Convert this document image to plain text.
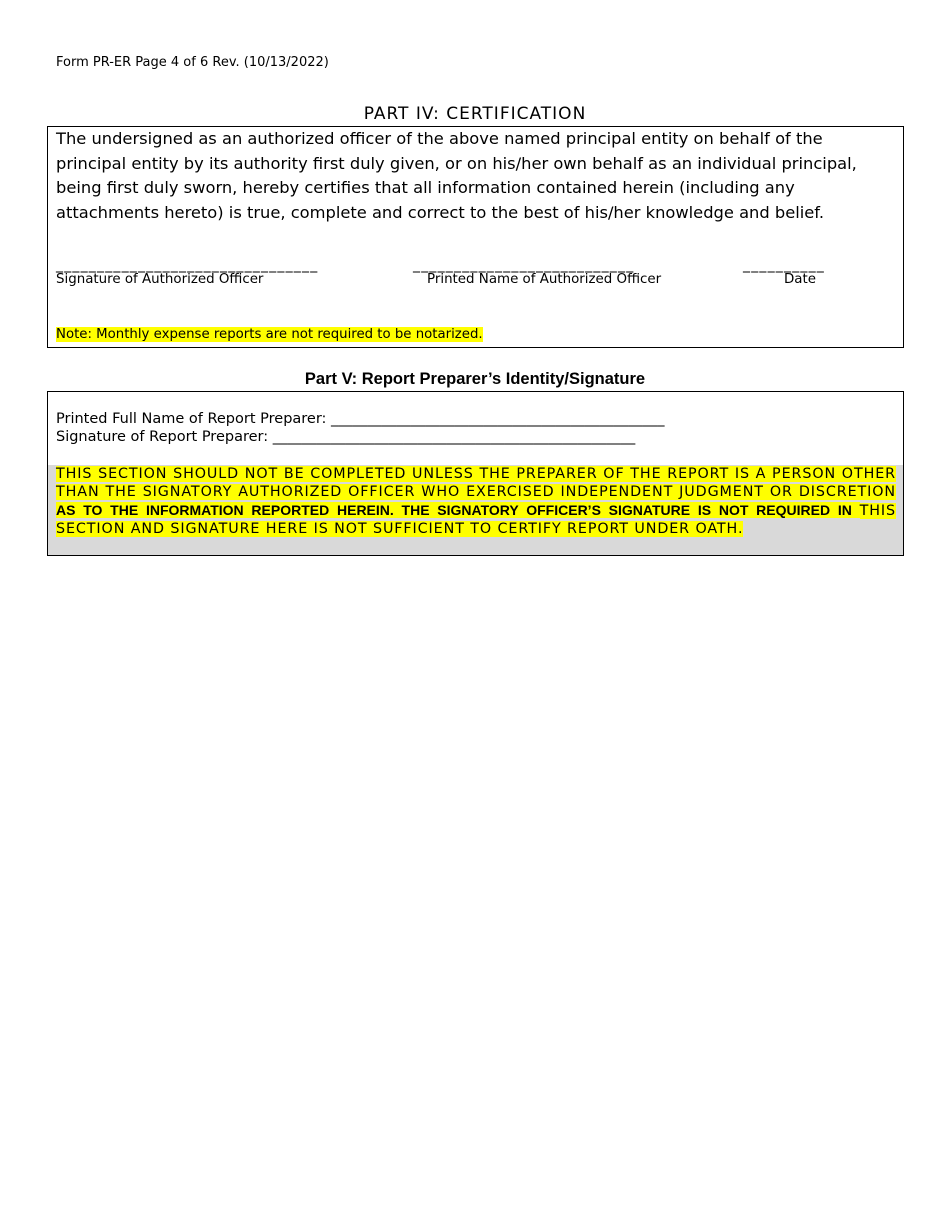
Form PR-ER Page 4 of 6 Rev. (10/13/2022)
PART IV: CERTIFICATION

The undersigned as an authorized officer of the above named principal entity on behalf of the principal entity by its authority first duly given, or on his/her own behalf as an individual principal, being first duly sworn, hereby certifies that all information contained herein (including any attachments hereto) is true, complete and correct to the best of his/her knowledge and belief.

________________________________	___________________________	__________
Signature of Authorized Officer	Printed Name of Authorized Officer	Date
Note: Monthly expense reports are not required to be notarized.
Part V: Report Preparer’s Identity/Signature
Printed Full Name of Report Preparer: ______________________________________________
Signature of Report Preparer: __________________________________________________

THIS SECTION SHOULD NOT BE COMPLETED UNLESS THE PREPARER OF THE REPORT IS A PERSON OTHER THAN THE SIGNATORY AUTHORIZED OFFICER WHO EXERCISED INDEPENDENT JUDGMENT OR DISCRETION AS TO THE INFORMATION REPORTED HEREIN. THE SIGNATORY OFFICER’S SIGNATURE IS NOT REQUIRED IN THIS SECTION AND SIGNATURE HERE IS NOT SUFFICIENT TO CERTIFY REPORT UNDER OATH.
